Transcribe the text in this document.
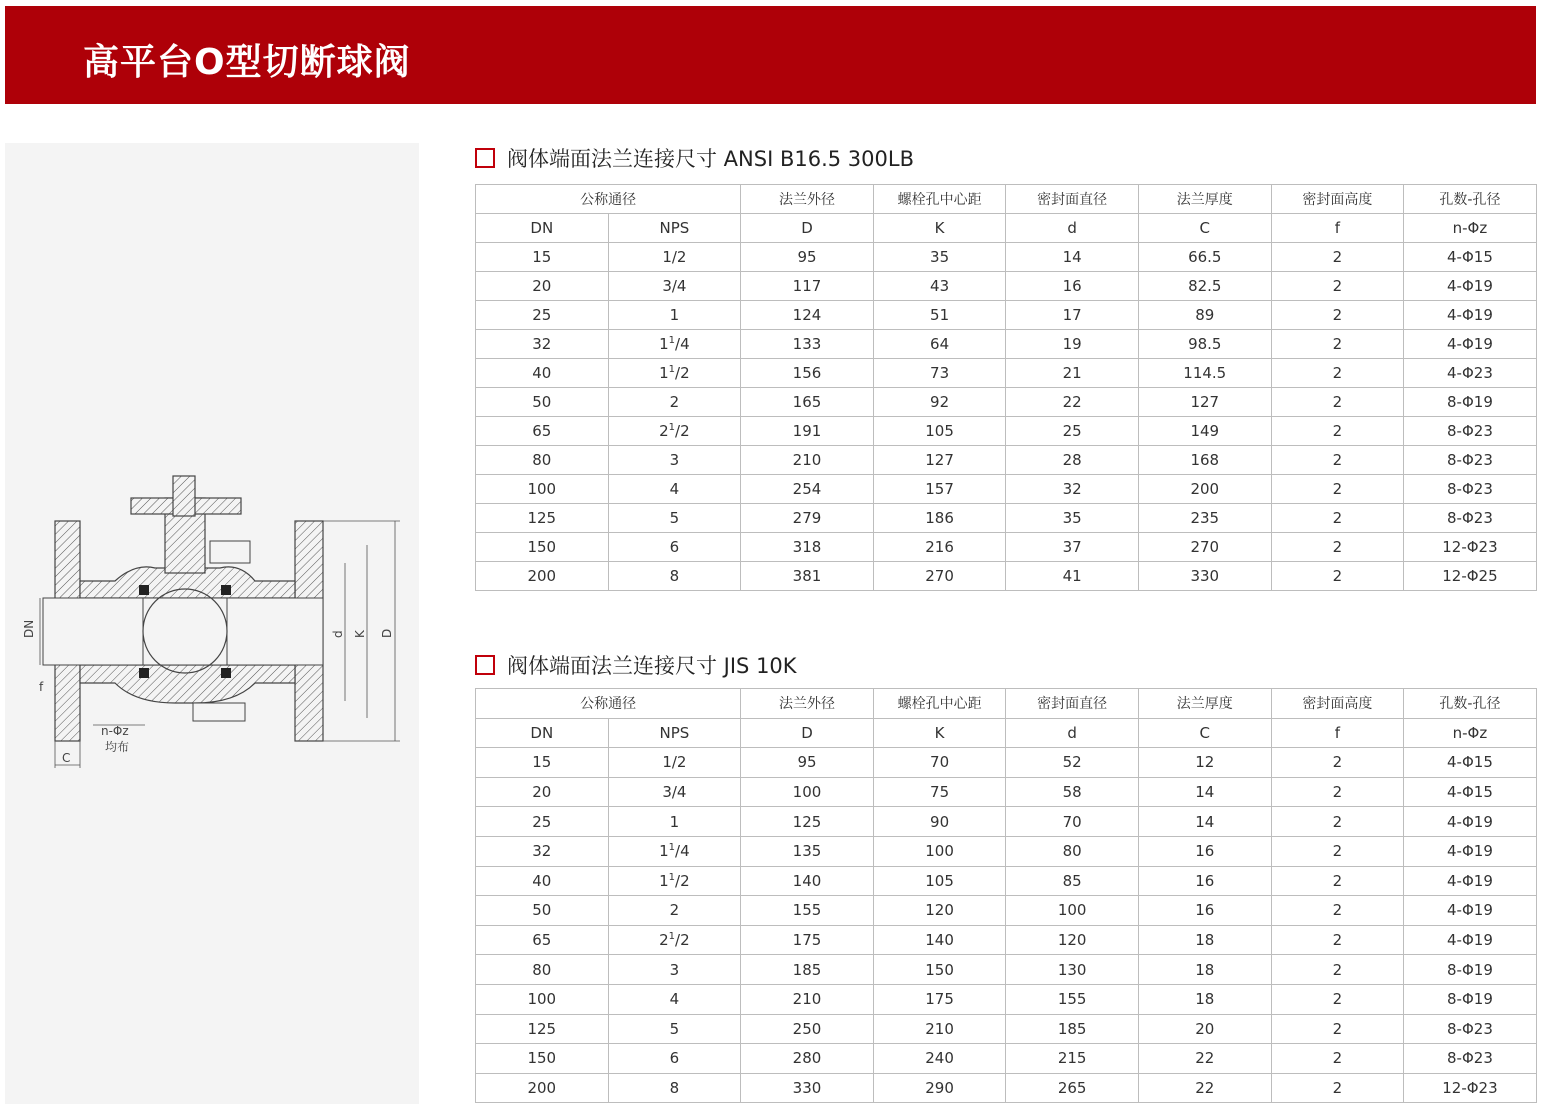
高平台O型切断球阀
DN	d K D
f
C
n-Φz
均布
阀体端面法兰连接尺寸 ANSI B16.5 300LB
公称通径		法兰外径	螺栓孔中心距	密封面直径	法兰厚度	密封面高度	孔数-孔径
DN	NPS	D	K	d	C	f	n-Φz
15	1/2	95	35	14	66.5	2	4-Φ15
20	3/4	117	43	16	82.5	2	4-Φ19
25	1	124	51	17	89	2	4-Φ19
32	$1^1/4$	133	64	19	98.5	2	4-Φ19
40	$1^1/2$	156	73	21	114.5	2	4-Φ23
50	2	165	92	22	127	2	8-Φ19
65	$2^1/2$	191	105	25	149	2	8-Φ23
80	3	210	127	28	168	2	8-Φ23
100	4	254	157	32	200	2	8-Φ23
125	5	279	186	35	235	2	8-Φ23
150	6	318	216	37	270	2	12-Φ23
200	8	381	270	41	330	2	12-Φ25
阀体端面法兰连接尺寸 JIS 10K
公称通径		法兰外径	螺栓孔中心距	密封面直径	法兰厚度	密封面高度	孔数-孔径
DN	NPS	D	K	d	C	f	n-Φz
15	1/2	95	70	52	12	2	4-Φ15
20	3/4	100	75	58	14	2	4-Φ15
25	1	125	90	70	14	2	4-Φ19
32	$1^1/4$	135	100	80	16	2	4-Φ19
40	$1^1/2$	140	105	85	16	2	4-Φ19
50	2	155	120	100	16	2	4-Φ19
65	$2^1/2$	175	140	120	18	2	4-Φ19
80	3	185	150	130	18	2	8-Φ19
100	4	210	175	155	18	2	8-Φ19
125	5	250	210	185	20	2	8-Φ23
150	6	280	240	215	22	2	8-Φ23
200	8	330	290	265	22	2	12-Φ23
